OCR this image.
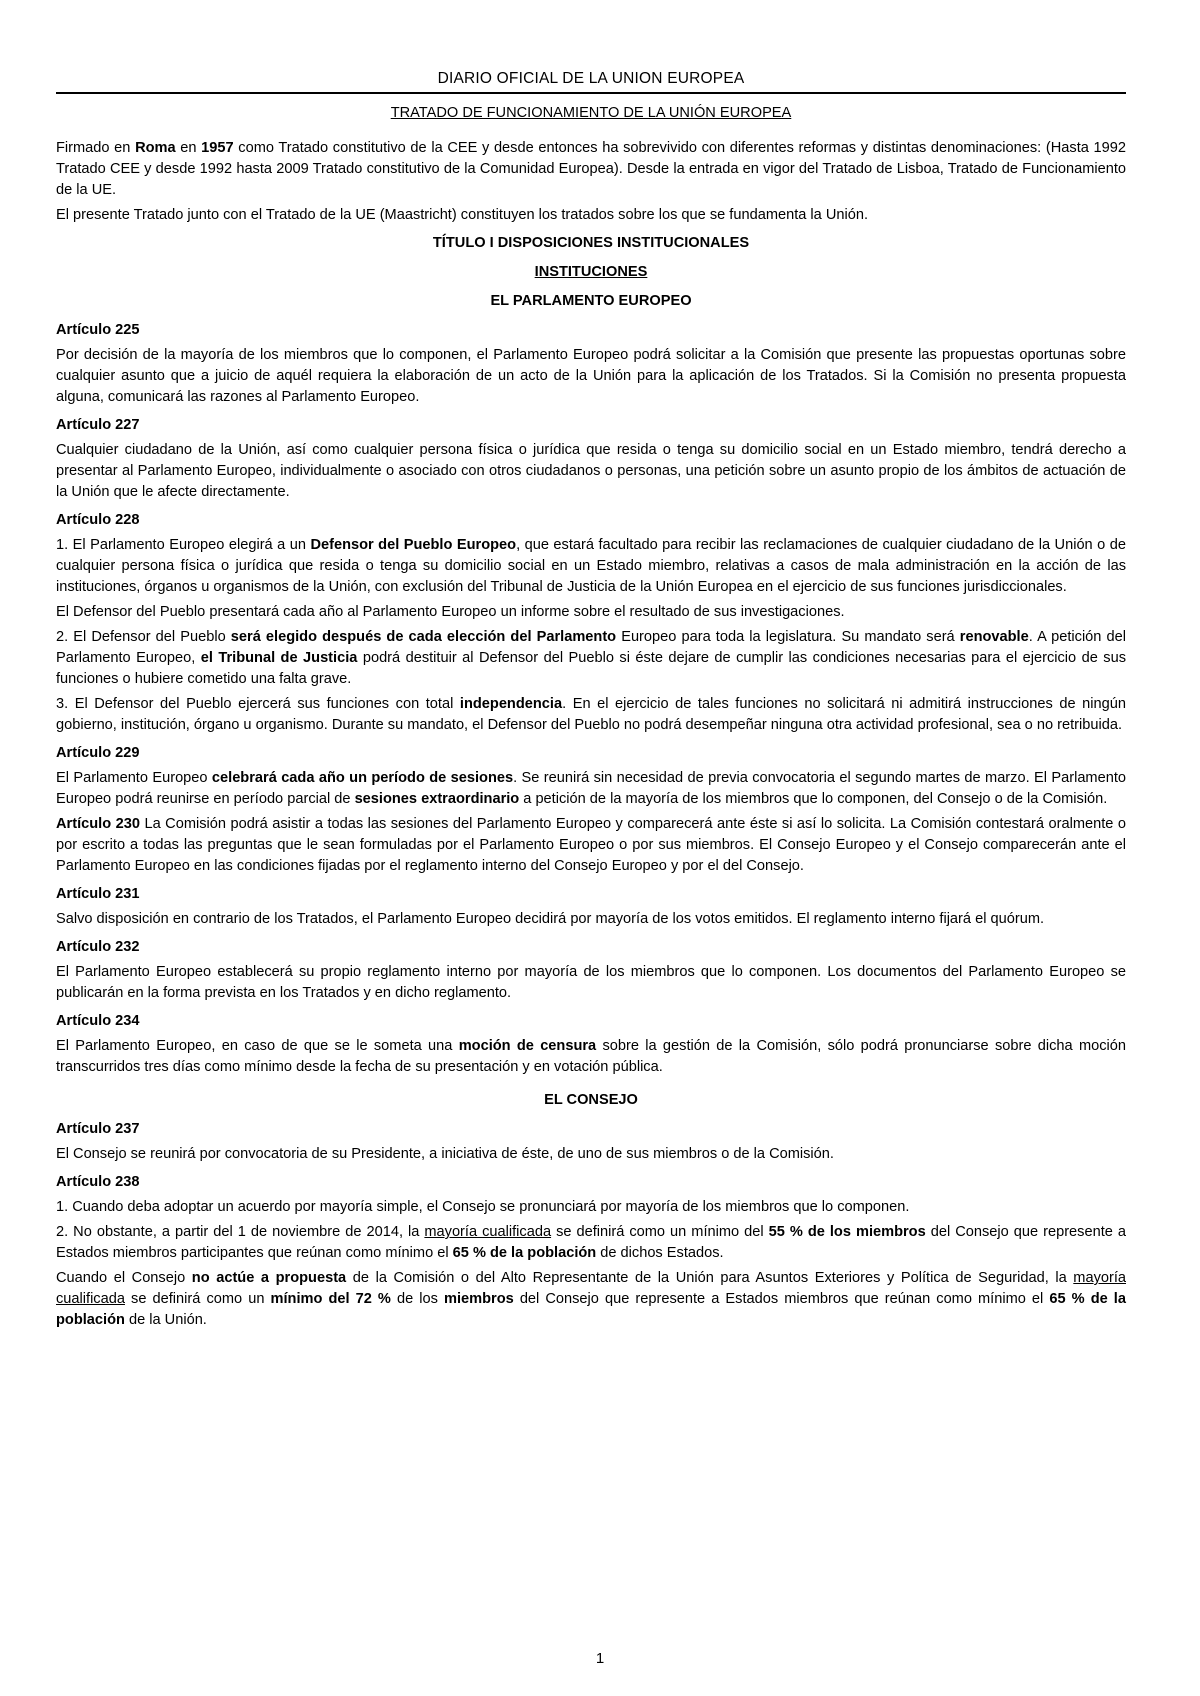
DIARIO OFICIAL DE LA UNION EUROPEA
TRATADO DE FUNCIONAMIENTO DE LA UNIÓN EUROPEA

Firmado en Roma en 1957 como Tratado constitutivo de la CEE y desde entonces ha sobrevivido con diferentes reformas y distintas denominaciones: (Hasta 1992 Tratado CEE y desde 1992 hasta 2009 Tratado constitutivo de la Comunidad Europea). Desde la entrada en vigor del Tratado de Lisboa, Tratado de Funcionamiento de la UE.

El presente Tratado junto con el Tratado de la UE (Maastricht) constituyen los tratados sobre los que se fundamenta la Unión.

TÍTULO I DISPOSICIONES INSTITUCIONALES
INSTITUCIONES
EL PARLAMENTO EUROPEO
Artículo 225

Por decisión de la mayoría de los miembros que lo componen, el Parlamento Europeo podrá solicitar a la Comisión que presente las propuestas oportunas sobre cualquier asunto que a juicio de aquél requiera la elaboración de un acto de la Unión para la aplicación de los Tratados. Si la Comisión no presenta propuesta alguna, comunicará las razones al Parlamento Europeo.

Artículo 227

Cualquier ciudadano de la Unión, así como cualquier persona física o jurídica que resida o tenga su domicilio social en un Estado miembro, tendrá derecho a presentar al Parlamento Europeo, individualmente o asociado con otros ciudadanos o personas, una petición sobre un asunto propio de los ámbitos de actuación de la Unión que le afecte directamente.

Artículo 228

1. El Parlamento Europeo elegirá a un Defensor del Pueblo Europeo, que estará facultado para recibir las reclamaciones de cualquier ciudadano de la Unión o de cualquier persona física o jurídica que resida o tenga su domicilio social en un Estado miembro, relativas a casos de mala administración en la acción de las instituciones, órganos u organismos de la Unión, con exclusión del Tribunal de Justicia de la Unión Europea en el ejercicio de sus funciones jurisdiccionales.

El Defensor del Pueblo presentará cada año al Parlamento Europeo un informe sobre el resultado de sus investigaciones.

2. El Defensor del Pueblo será elegido después de cada elección del Parlamento Europeo para toda la legislatura. Su mandato será renovable. A petición del Parlamento Europeo, el Tribunal de Justicia podrá destituir al Defensor del Pueblo si éste dejare de cumplir las condiciones necesarias para el ejercicio de sus funciones o hubiere cometido una falta grave.

3. El Defensor del Pueblo ejercerá sus funciones con total independencia. En el ejercicio de tales funciones no solicitará ni admitirá instrucciones de ningún gobierno, institución, órgano u organismo. Durante su mandato, el Defensor del Pueblo no podrá desempeñar ninguna otra actividad profesional, sea o no retribuida.

Artículo 229

El Parlamento Europeo celebrará cada año un período de sesiones. Se reunirá sin necesidad de previa convocatoria el segundo martes de marzo. El Parlamento Europeo podrá reunirse en período parcial de sesiones extraordinario a petición de la mayoría de los miembros que lo componen, del Consejo o de la Comisión.

Artículo 230 La Comisión podrá asistir a todas las sesiones del Parlamento Europeo y comparecerá ante éste si así lo solicita. La Comisión contestará oralmente o por escrito a todas las preguntas que le sean formuladas por el Parlamento Europeo o por sus miembros. El Consejo Europeo y el Consejo comparecerán ante el Parlamento Europeo en las condiciones fijadas por el reglamento interno del Consejo Europeo y por el del Consejo.

Artículo 231

Salvo disposición en contrario de los Tratados, el Parlamento Europeo decidirá por mayoría de los votos emitidos. El reglamento interno fijará el quórum.

Artículo 232

El Parlamento Europeo establecerá su propio reglamento interno por mayoría de los miembros que lo componen. Los documentos del Parlamento Europeo se publicarán en la forma prevista en los Tratados y en dicho reglamento.

Artículo 234

El Parlamento Europeo, en caso de que se le someta una moción de censura sobre la gestión de la Comisión, sólo podrá pronunciarse sobre dicha moción transcurridos tres días como mínimo desde la fecha de su presentación y en votación pública.

EL CONSEJO
Artículo 237

El Consejo se reunirá por convocatoria de su Presidente, a iniciativa de éste, de uno de sus miembros o de la Comisión.

Artículo 238

1. Cuando deba adoptar un acuerdo por mayoría simple, el Consejo se pronunciará por mayoría de los miembros que lo componen.

2. No obstante, a partir del 1 de noviembre de 2014, la mayoría cualificada se definirá como un mínimo del 55 % de los miembros del Consejo que represente a Estados miembros participantes que reúnan como mínimo el 65 % de la población de dichos Estados.

Cuando el Consejo no actúe a propuesta de la Comisión o del Alto Representante de la Unión para Asuntos Exteriores y Política de Seguridad, la mayoría cualificada se definirá como un mínimo del 72 % de los miembros del Consejo que represente a Estados miembros que reúnan como mínimo el 65 % de la población de la Unión.

1
